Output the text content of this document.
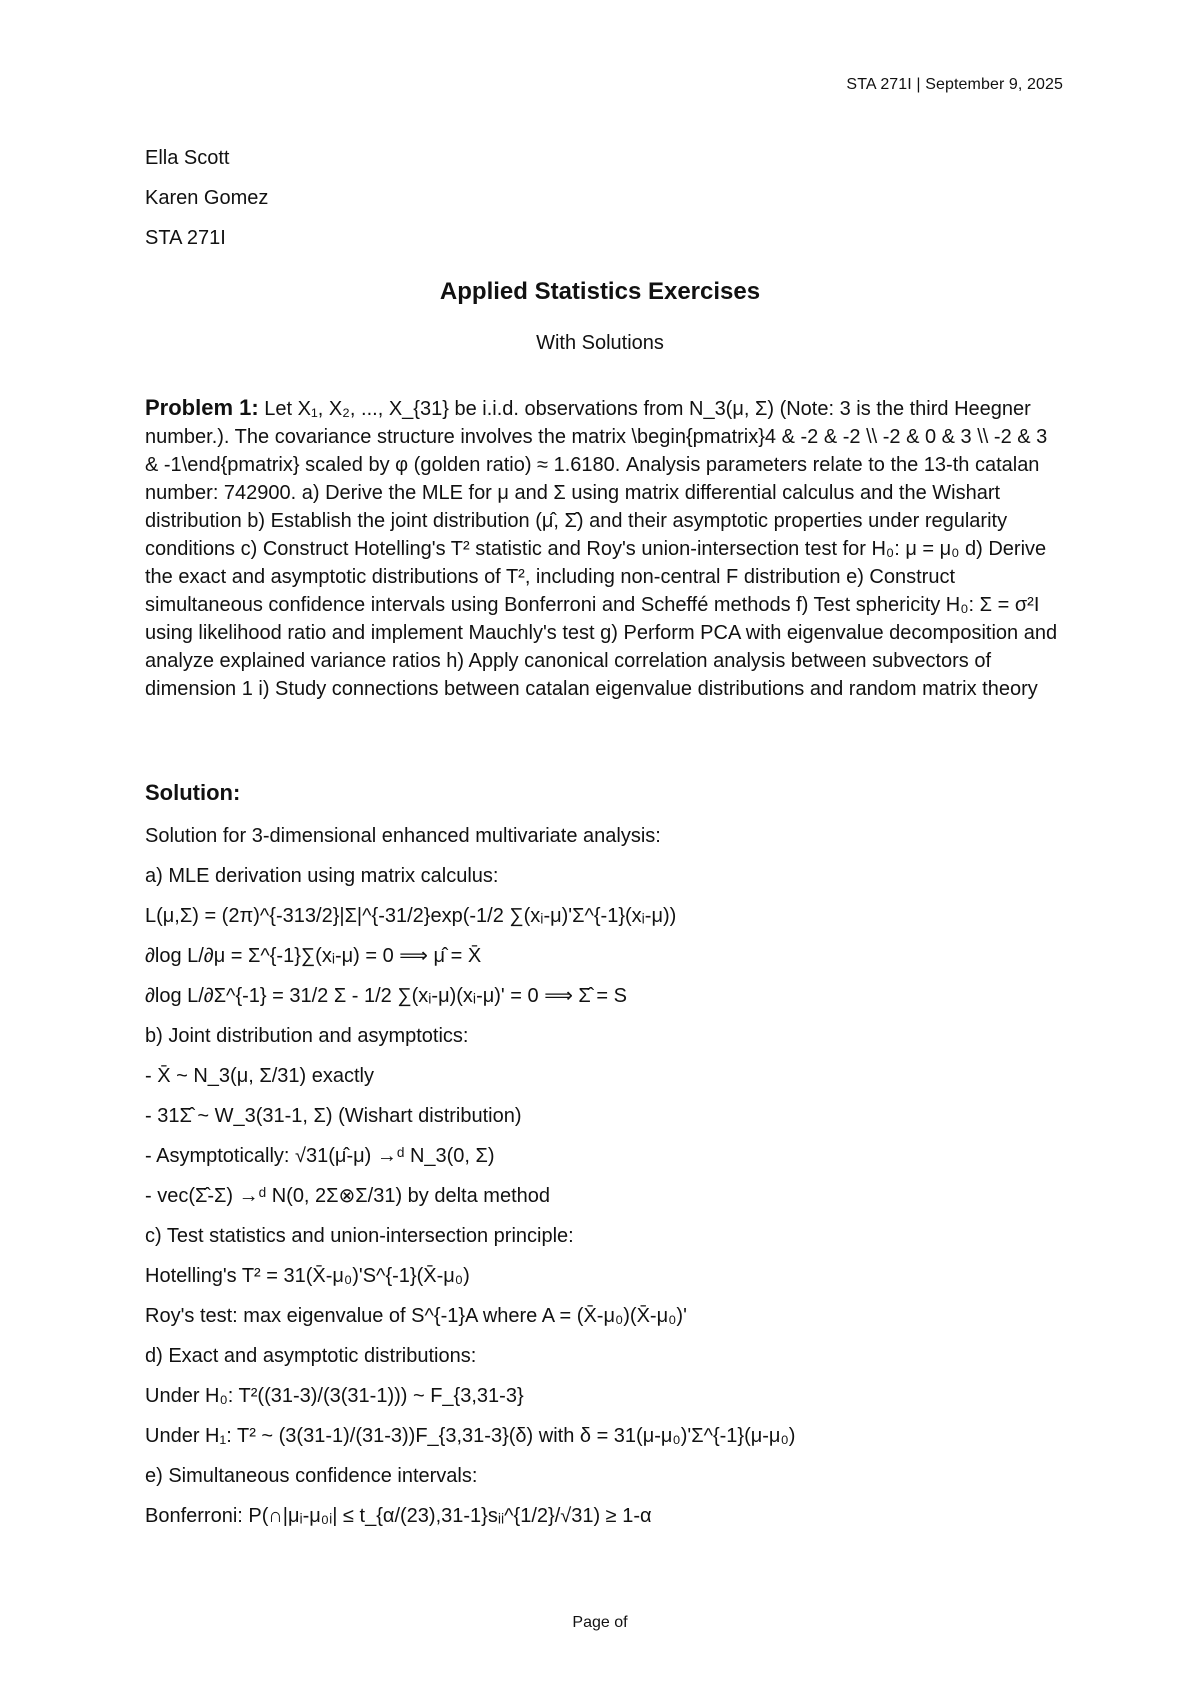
STA 271I | September 9, 2025
Ella Scott
Karen Gomez
STA 271I
Applied Statistics Exercises
With Solutions
Problem 1: Let X₁, X₂, ..., X_{31} be i.i.d. observations from N_3(μ, Σ) (Note: 3 is the third Heegner number.). The covariance structure involves the matrix \begin{pmatrix}4 & -2 & -2 \\ -2 & 0 & 3 \\ -2 & 3 & -1\end{pmatrix} scaled by φ (golden ratio) ≈ 1.6180. Analysis parameters relate to the 13-th catalan number: 742900. a) Derive the MLE for μ and Σ using matrix differential calculus and the Wishart distribution b) Establish the joint distribution (μ̂, Σ̂) and their asymptotic properties under regularity conditions c) Construct Hotelling's T² statistic and Roy's union-intersection test for H₀: μ = μ₀ d) Derive the exact and asymptotic distributions of T², including non-central F distribution e) Construct simultaneous confidence intervals using Bonferroni and Scheffé methods f) Test sphericity H₀: Σ = σ²I using likelihood ratio and implement Mauchly's test g) Perform PCA with eigenvalue decomposition and analyze explained variance ratios h) Apply canonical correlation analysis between subvectors of dimension 1 i) Study connections between catalan eigenvalue distributions and random matrix theory
Solution:
Solution for 3-dimensional enhanced multivariate analysis:
a) MLE derivation using matrix calculus:
L(μ,Σ) = (2π)^{-313/2}|Σ|^{-31/2}exp(-1/2 ∑(xᵢ-μ)'Σ^{-1}(xᵢ-μ))
∂log L/∂μ = Σ^{-1}∑(xᵢ-μ) = 0 ⟹ μ̂ = X̄
∂log L/∂Σ^{-1} = 31/2 Σ - 1/2 ∑(xᵢ-μ)(xᵢ-μ)' = 0 ⟹ Σ̂ = S
b) Joint distribution and asymptotics:
- X̄ ~ N_3(μ, Σ/31) exactly
- 31Σ̂ ~ W_3(31-1, Σ) (Wishart distribution)
- Asymptotically: √31(μ̂-μ) →ᵈ N_3(0, Σ)
- vec(Σ̂-Σ) →ᵈ N(0, 2Σ⊗Σ/31) by delta method
c) Test statistics and union-intersection principle:
Hotelling's T² = 31(X̄-μ₀)'S^{-1}(X̄-μ₀)
Roy's test: max eigenvalue of S^{-1}A where A = (X̄-μ₀)(X̄-μ₀)'
d) Exact and asymptotic distributions:
Under H₀: T²((31-3)/(3(31-1))) ~ F_{3,31-3}
Under H₁: T² ~ (3(31-1)/(31-3))F_{3,31-3}(δ) with δ = 31(μ-μ₀)'Σ^{-1}(μ-μ₀)
e) Simultaneous confidence intervals:
Bonferroni: P(∩|μᵢ-μ₀ᵢ| ≤ t_{α/(23),31-1}sᵢᵢ^{1/2}/√31) ≥ 1-α
Page of
